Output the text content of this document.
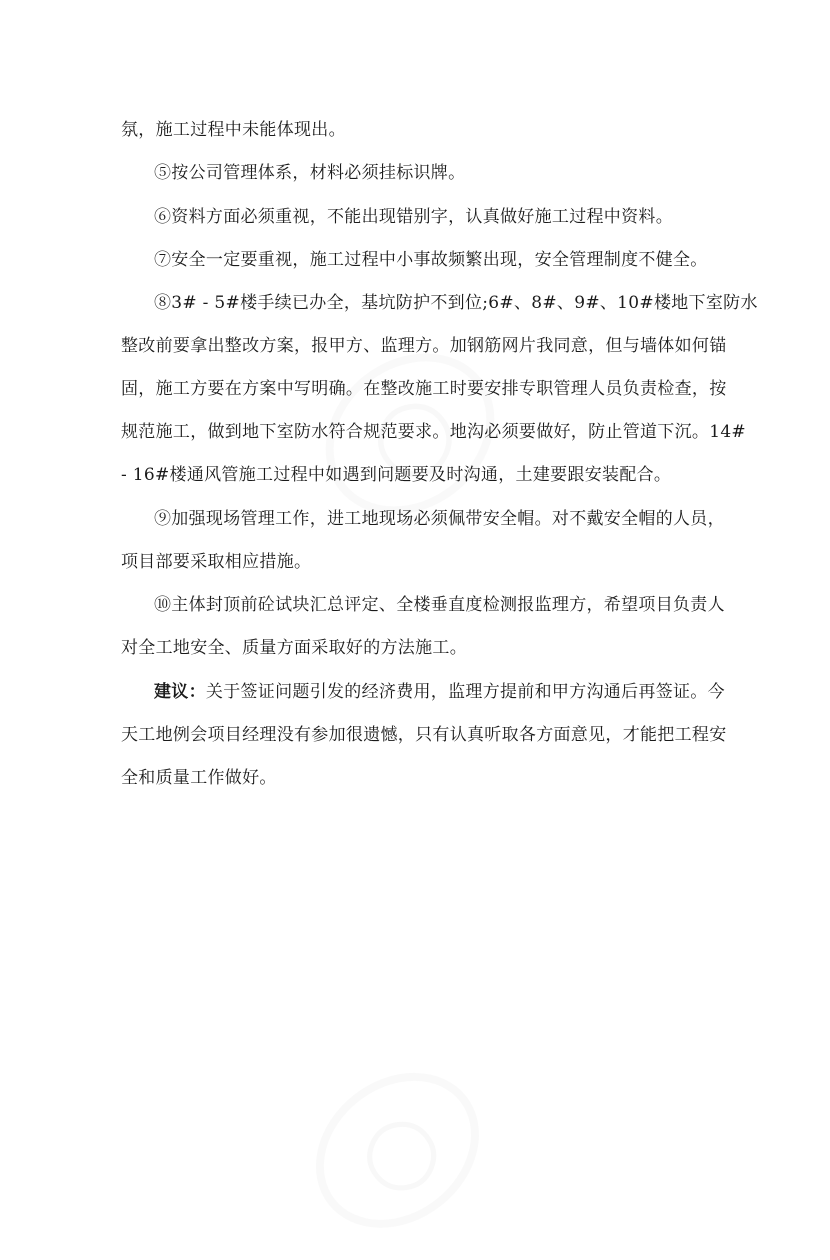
○
○
氛，施工过程中未能体现出。
⑤按公司管理体系，材料必须挂标识牌。
⑥资料方面必须重视，不能出现错别字，认真做好施工过程中资料。
⑦安全一定要重视，施工过程中小事故频繁出现，安全管理制度不健全。
⑧3# - 5#楼手续已办全，基坑防护不到位;6#、8#、9#、10#楼地下室防水
整改前要拿出整改方案，报甲方、监理方。加钢筋网片我同意，但与墙体如何锚
固，施工方要在方案中写明确。在整改施工时要安排专职管理人员负责检查，按
规范施工，做到地下室防水符合规范要求。地沟必须要做好，防止管道下沉。14#
- 16#楼通风管施工过程中如遇到问题要及时沟通，土建要跟安装配合。
⑨加强现场管理工作，进工地现场必须佩带安全帽。对不戴安全帽的人员，
项目部要采取相应措施。
⑩主体封顶前砼试块汇总评定、全楼垂直度检测报监理方，希望项目负责人
对全工地安全、质量方面采取好的方法施工。
建议：关于签证问题引发的经济费用，监理方提前和甲方沟通后再签证。今
天工地例会项目经理没有参加很遗憾，只有认真听取各方面意见，才能把工程安
全和质量工作做好。
